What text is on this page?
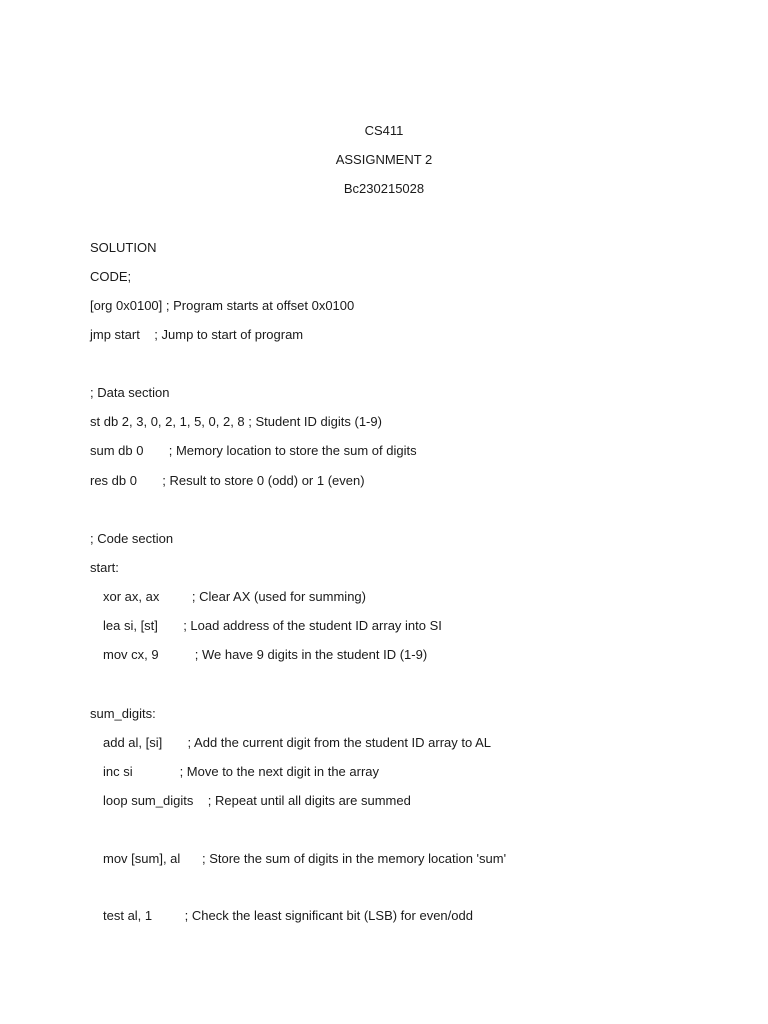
CS411
ASSIGNMENT 2
Bc230215028
SOLUTION
CODE;
[org 0x0100] ; Program starts at offset 0x0100
jmp start    ; Jump to start of program
; Data section
st db 2, 3, 0, 2, 1, 5, 0, 2, 8 ; Student ID digits (1-9)
sum db 0       ; Memory location to store the sum of digits
res db 0       ; Result to store 0 (odd) or 1 (even)
; Code section
start:
xor ax, ax         ; Clear AX (used for summing)
lea si, [st]       ; Load address of the student ID array into SI
mov cx, 9          ; We have 9 digits in the student ID (1-9)
sum_digits:
add al, [si]       ; Add the current digit from the student ID array to AL
inc si             ; Move to the next digit in the array
loop sum_digits    ; Repeat until all digits are summed
mov [sum], al      ; Store the sum of digits in the memory location 'sum'
test al, 1         ; Check the least significant bit (LSB) for even/odd
